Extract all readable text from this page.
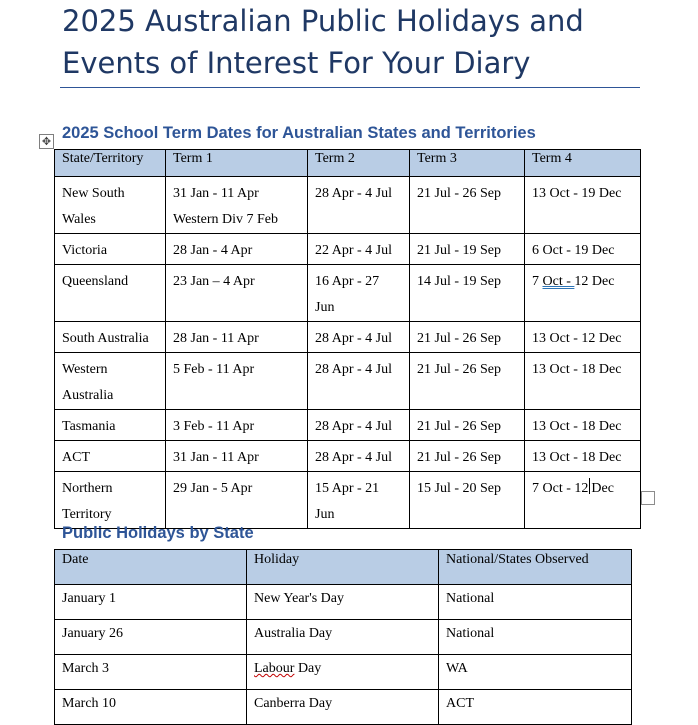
2025 Australian Public Holidays and Events of Interest For Your Diary
2025 School Term Dates for Australian States and Territories
✥
State/Territory	Term 1	Term 2	Term 3	Term 4
New South Wales	31 Jan - 11 Apr Western Div 7 Feb	28 Apr - 4 Jul	21 Jul - 26 Sep	13 Oct - 19 Dec
Victoria	28 Jan - 4 Apr	22 Apr - 4 Jul	21 Jul - 19 Sep	6 Oct - 19 Dec
Queensland	23 Jan – 4 Apr	16 Apr - 27 Jun	14 Jul - 19 Sep	7 Oct - 12 Dec
South Australia	28 Jan - 11 Apr	28 Apr - 4 Jul	21 Jul - 26 Sep	13 Oct - 12 Dec
Western Australia	5 Feb - 11 Apr	28 Apr - 4 Jul	21 Jul - 26 Sep	13 Oct - 18 Dec
Tasmania	3 Feb - 11 Apr	28 Apr - 4 Jul	21 Jul - 26 Sep	13 Oct - 18 Dec
ACT	31 Jan - 11 Apr	28 Apr - 4 Jul	21 Jul - 26 Sep	13 Oct - 18 Dec
Northern Territory	29 Jan - 5 Apr	15 Apr - 21 Jun	15 Jul - 20 Sep	7 Oct - 12 Dec
Public Holidays by State
Date	Holiday	National/States Observed
January 1	New Year's Day	National
January 26	Australia Day	National
March 3	Labour Day	WA
March 10	Canberra Day	ACT
